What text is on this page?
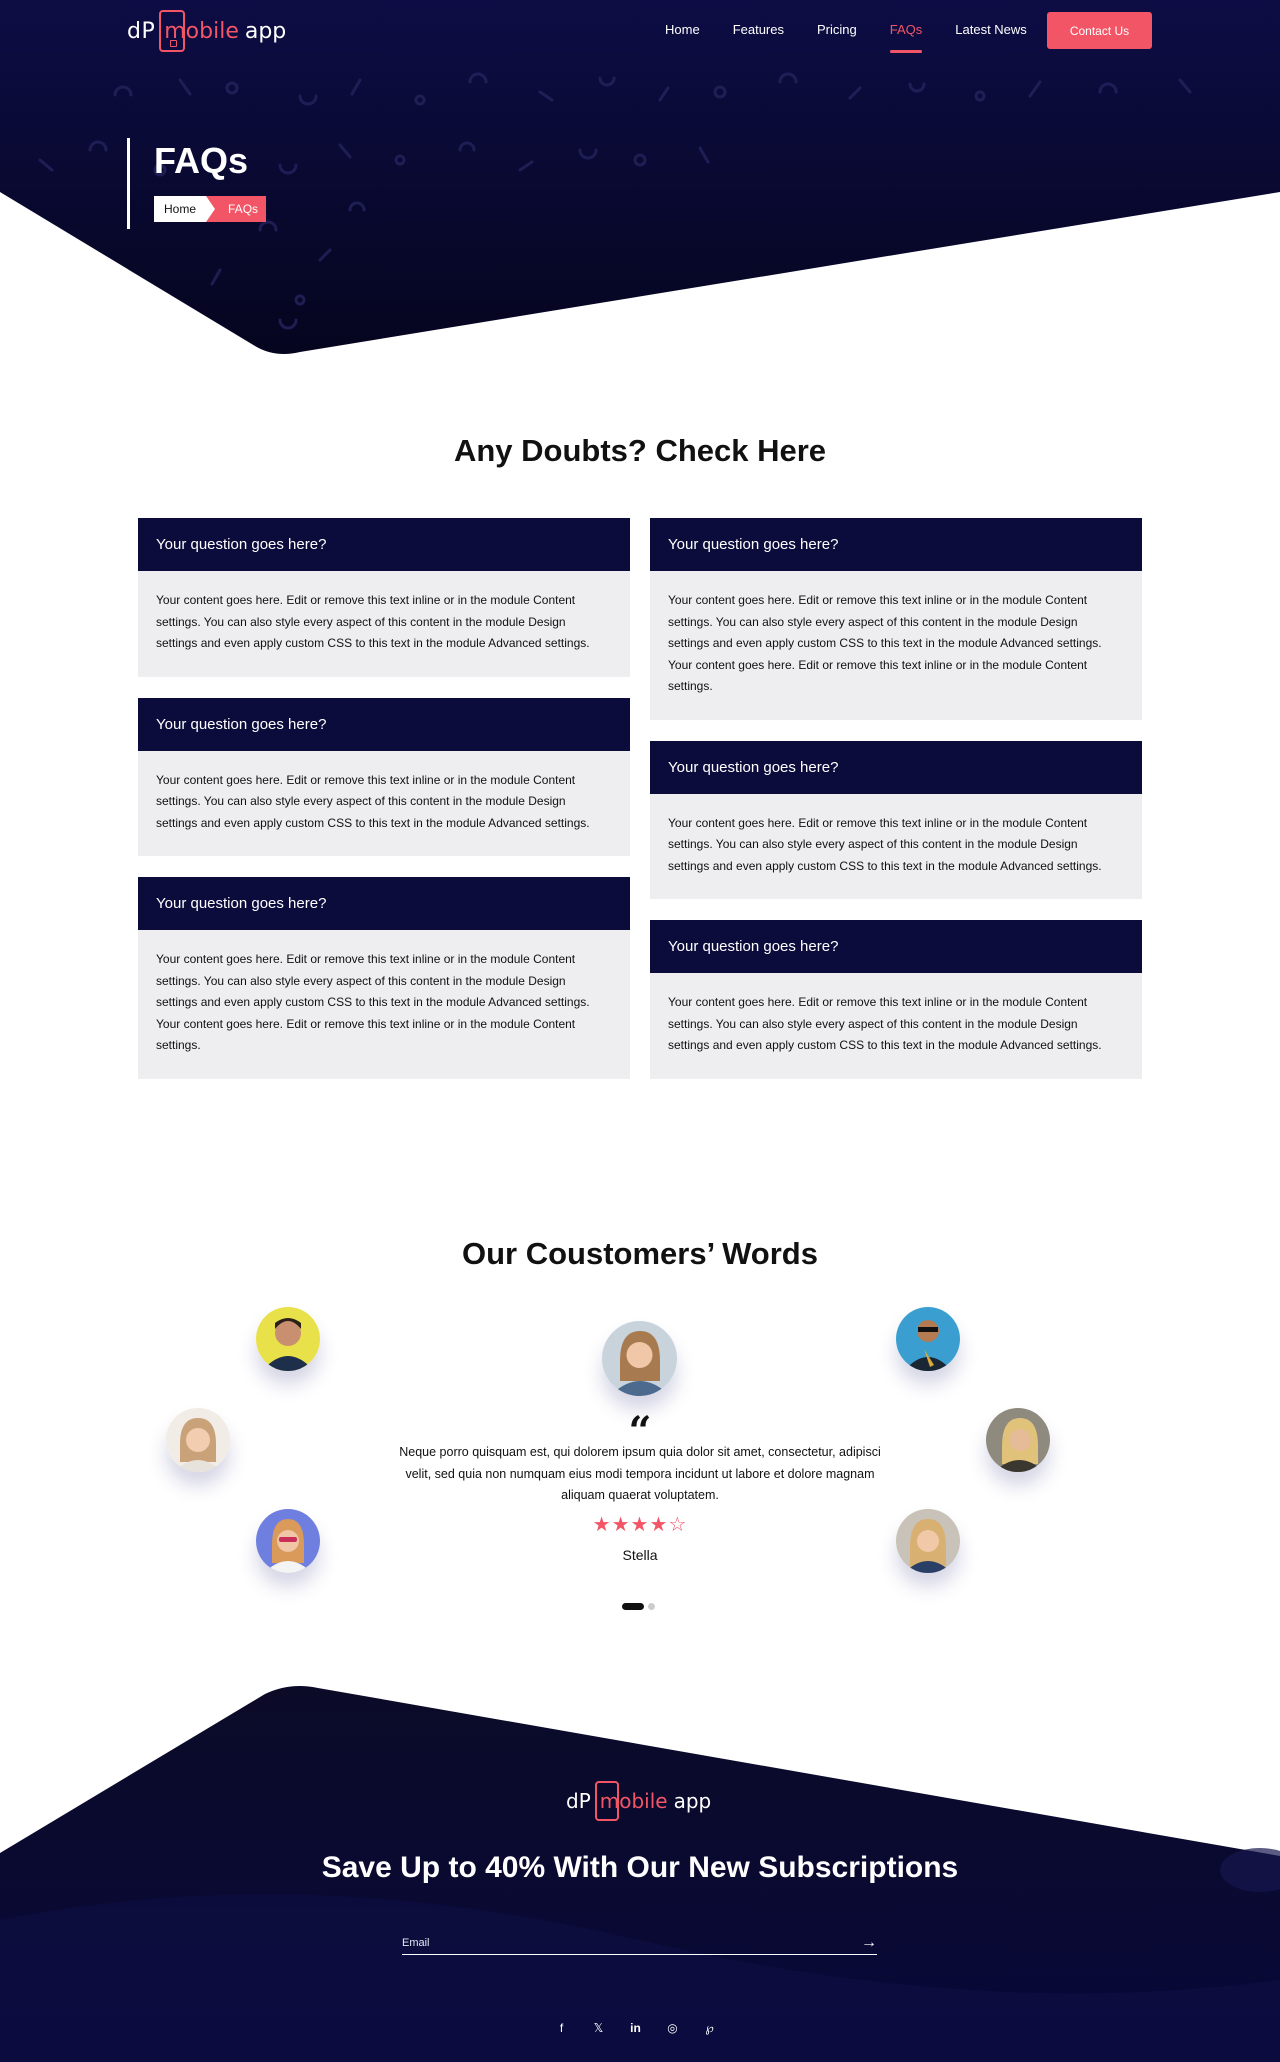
dP mobile app	Home	Features	Pricing	FAQs	Latest News	Contact Us
FAQs
Home	FAQs
Any Doubts? Check Here
Your question goes here?
Your content goes here. Edit or remove this text inline or in the module Content settings. You can also style every aspect of this content in the module Design settings and even apply custom CSS to this text in the module Advanced settings.
Your question goes here?
Your content goes here. Edit or remove this text inline or in the module Content settings. You can also style every aspect of this content in the module Design settings and even apply custom CSS to this text in the module Advanced settings.
Your question goes here?
Your content goes here. Edit or remove this text inline or in the module Content settings. You can also style every aspect of this content in the module Design settings and even apply custom CSS to this text in the module Advanced settings. Your content goes here. Edit or remove this text inline or in the module Content settings.
Your question goes here?
Your content goes here. Edit or remove this text inline or in the module Content settings. You can also style every aspect of this content in the module Design settings and even apply custom CSS to this text in the module Advanced settings. Your content goes here. Edit or remove this text inline or in the module Content settings.
Your question goes here?
Your content goes here. Edit or remove this text inline or in the module Content settings. You can also style every aspect of this content in the module Design settings and even apply custom CSS to this text in the module Advanced settings.
Your question goes here?
Your content goes here. Edit or remove this text inline or in the module Content settings. You can also style every aspect of this content in the module Design settings and even apply custom CSS to this text in the module Advanced settings.
Our Coustomers’ Words
“

Neque porro quisquam est, qui dolorem ipsum quia dolor sit amet, consectetur, adipisci velit, sed quia non numquam eius modi tempora incidunt ut labore et dolore magnam aliquam quaerat voluptatem.

★★★★☆
Stella
dP mobile app
Save Up to 40% With Our New Subscriptions
Email
→
f	𝕏	in ◎	℘
